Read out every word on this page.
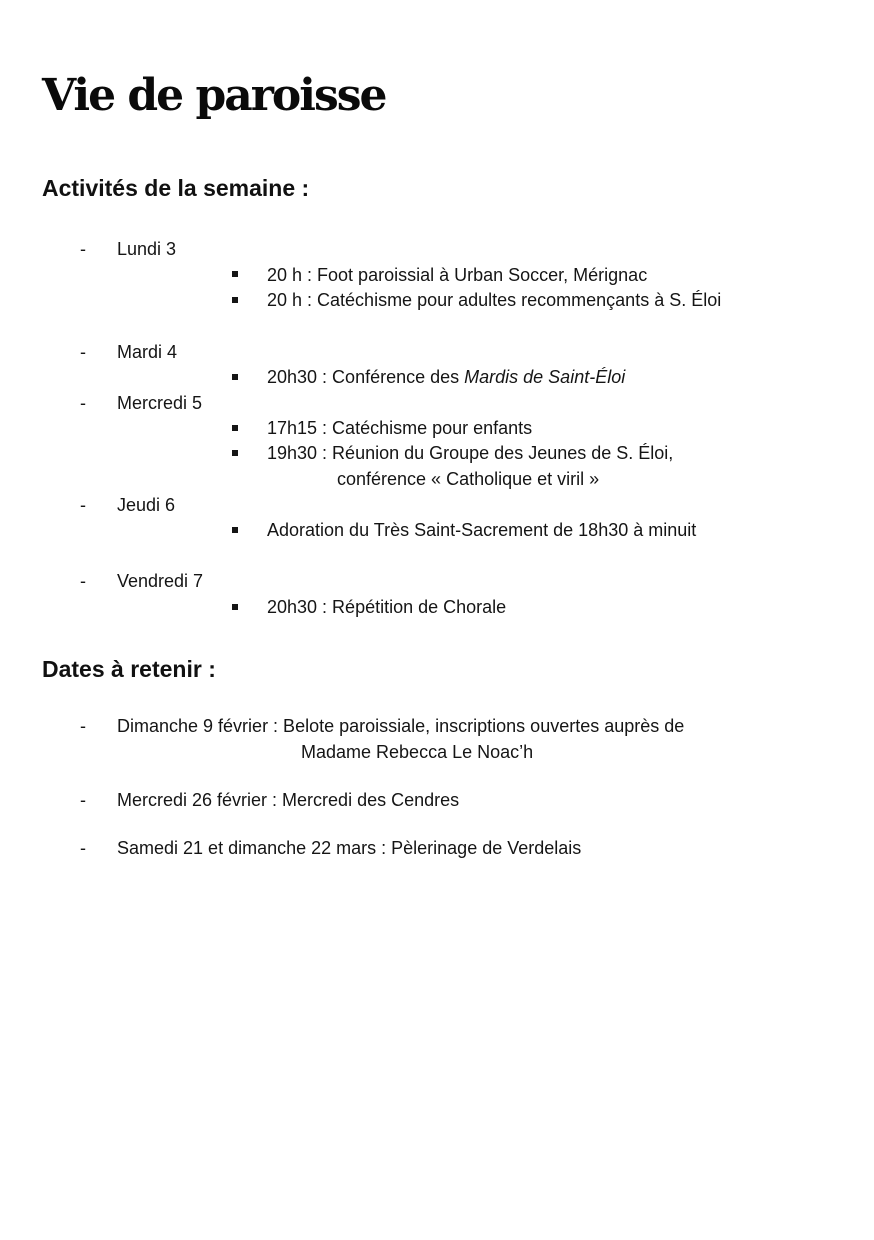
Vie de paroisse
Activités de la semaine :
- Lundi 3
20 h : Foot paroissial à Urban Soccer, Mérignac
20 h : Catéchisme pour adultes recommençants à S. Éloi
- Mardi 4
20h30 : Conférence des Mardis de Saint-Éloi
- Mercredi 5
17h15 : Catéchisme pour enfants
19h30 : Réunion du Groupe des Jeunes de S. Éloi,
conférence « Catholique et viril »
- Jeudi 6
Adoration du Très Saint-Sacrement de 18h30 à minuit
- Vendredi 7
20h30 : Répétition de Chorale
Dates à retenir :
- Dimanche 9 février : Belote paroissiale, inscriptions ouvertes auprès de
Madame Rebecca Le Noac’h
- Mercredi 26 février : Mercredi des Cendres
- Samedi 21 et dimanche 22 mars : Pèlerinage de Verdelais
